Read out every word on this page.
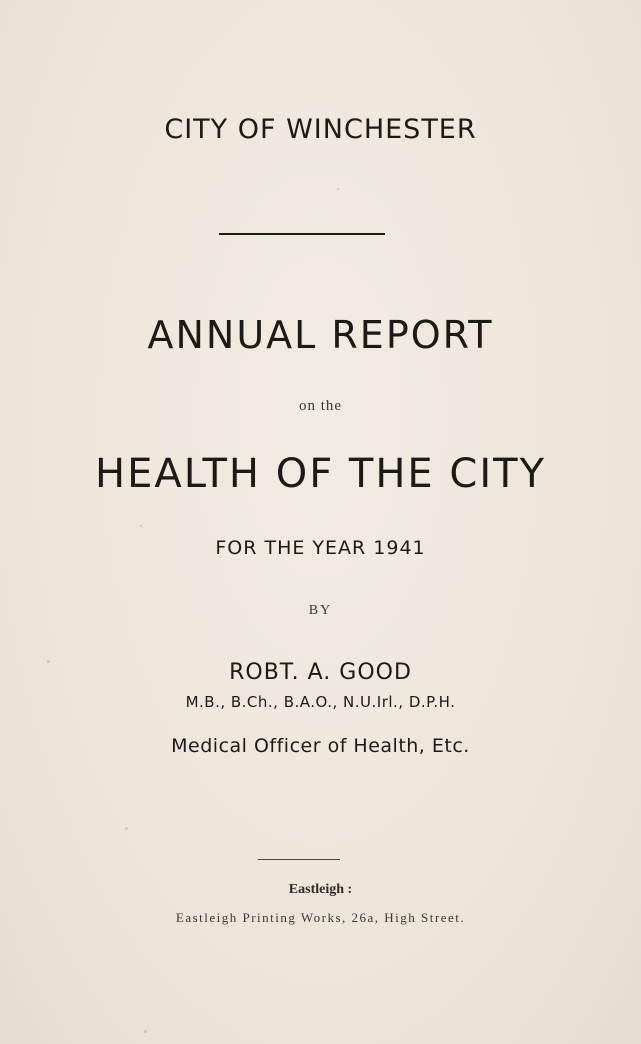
CITY OF WINCHESTER
ANNUAL REPORT
on the
HEALTH OF THE CITY
FOR THE YEAR 1941
BY
ROBT. A. GOOD
M.B., B.Ch., B.A.O., N.U.Irl., D.P.H.
Medical Officer of Health, Etc.
Eastleigh :
Eastleigh Printing Works, 26a, High Street.
